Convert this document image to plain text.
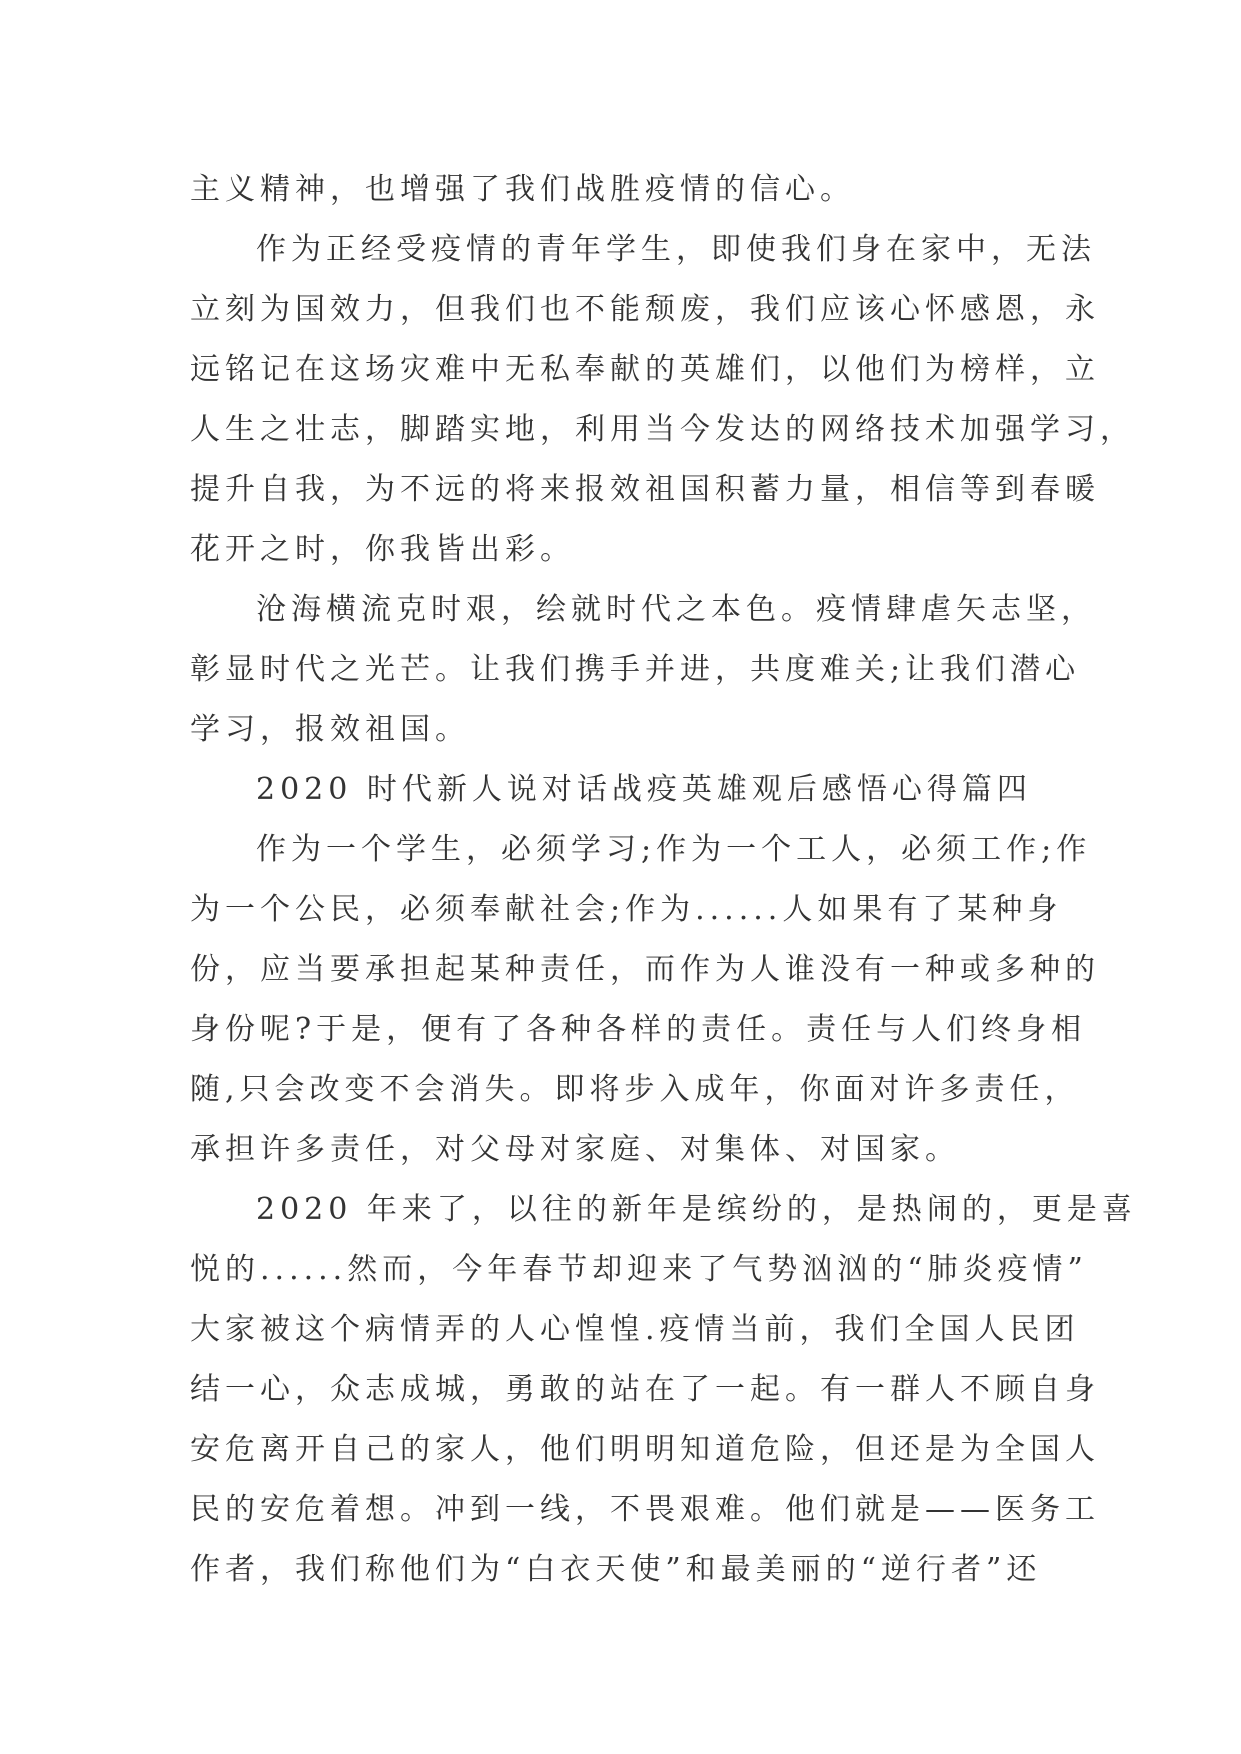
主义精神，也增强了我们战胜疫情的信心。
作为正经受疫情的青年学生，即使我们身在家中，无法
立刻为国效力，但我们也不能颓废，我们应该心怀感恩，永
远铭记在这场灾难中无私奉献的英雄们，以他们为榜样，立
人生之壮志，脚踏实地，利用当今发达的网络技术加强学习，
提升自我，为不远的将来报效祖国积蓄力量，相信等到春暖
花开之时，你我皆出彩。
沧海横流克时艰，绘就时代之本色。疫情肆虐矢志坚，
彰显时代之光芒。让我们携手并进，共度难关;让我们潜心
学习，报效祖国。
2020 时代新人说对话战疫英雄观后感悟心得篇四
作为一个学生，必须学习;作为一个工人，必须工作;作
为一个公民，必须奉献社会;作为......人如果有了某种身
份，应当要承担起某种责任，而作为人谁没有一种或多种的
身份呢?于是，便有了各种各样的责任。责任与人们终身相
随,只会改变不会消失。即将步入成年，你面对许多责任，
承担许多责任，对父母对家庭、对集体、对国家。
2020 年来了，以往的新年是缤纷的，是热闹的，更是喜
悦的......然而，今年春节却迎来了气势汹汹的“肺炎疫情”
大家被这个病情弄的人心惶惶.疫情当前，我们全国人民团
结一心，众志成城，勇敢的站在了一起。有一群人不顾自身
安危离开自己的家人，他们明明知道危险，但还是为全国人
民的安危着想。冲到一线，不畏艰难。他们就是——医务工
作者，我们称他们为“白衣天使”和最美丽的“逆行者”还
